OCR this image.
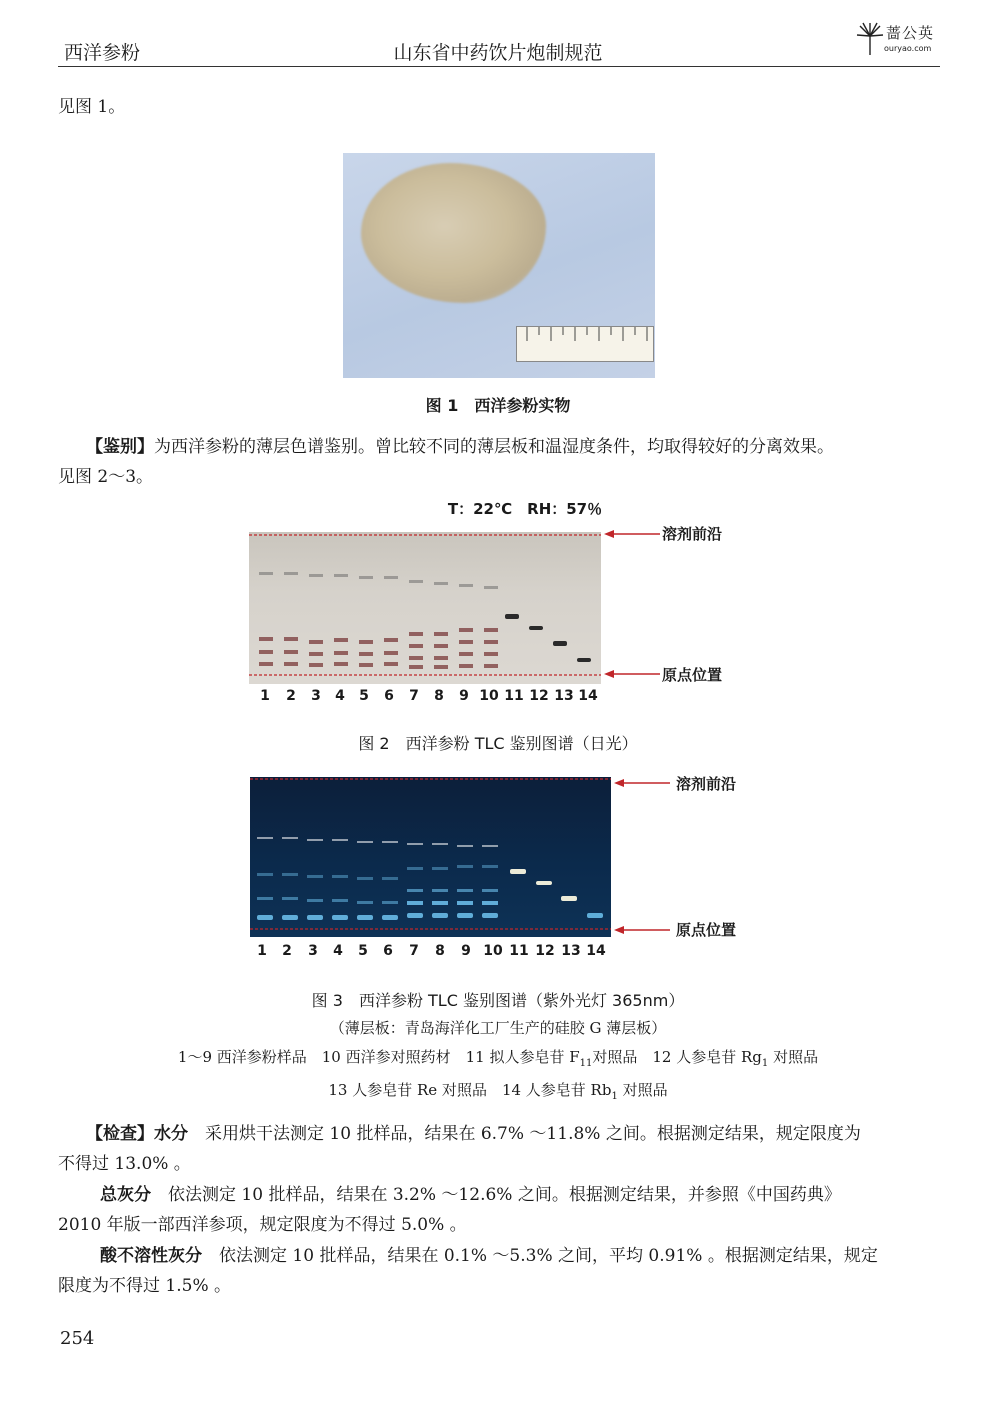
西洋参粉	山东省中药饮片炮制规范
蔷公英
ouryao.com
见图 1。
图 1　西洋参粉实物
【鉴别】为西洋参粉的薄层色谱鉴别。曾比较不同的薄层板和温湿度条件，均取得较好的分离效果。
见图 2～3。
T：22℃　RH：57％
溶剂前沿
原点位置
1	2	3	4	5	6	7	8	9 10 11 12 13 14
图 2　西洋参粉 TLC 鉴别图谱（日光）
溶剂前沿
原点位置
1	2	3	4	5	6	7	8	9 10 11 12 13 14
图 3　西洋参粉 TLC 鉴别图谱（紫外光灯 365nm）
（薄层板：青岛海洋化工厂生产的硅胶 G 薄层板）
1～9 西洋参粉样品　10 西洋参对照药材　11 拟人参皂苷 $F_{11}$对照品　12 人参皂苷 $Rg_1$ 对照品
13 人参皂苷 Re 对照品　14 人参皂苷 $Rb_1$ 对照品
【检查】水分　采用烘干法测定 10 批样品，结果在 6.7% ～11.8% 之间。根据测定结果，规定限度为
不得过 13.0% 。
总灰分　依法测定 10 批样品，结果在 3.2% ～12.6% 之间。根据测定结果，并参照《中国药典》
2010 年版一部西洋参项，规定限度为不得过 5.0% 。
酸不溶性灰分　依法测定 10 批样品，结果在 0.1% ～5.3% 之间，平均 0.91% 。根据测定结果，规定
限度为不得过 1.5% 。
254
